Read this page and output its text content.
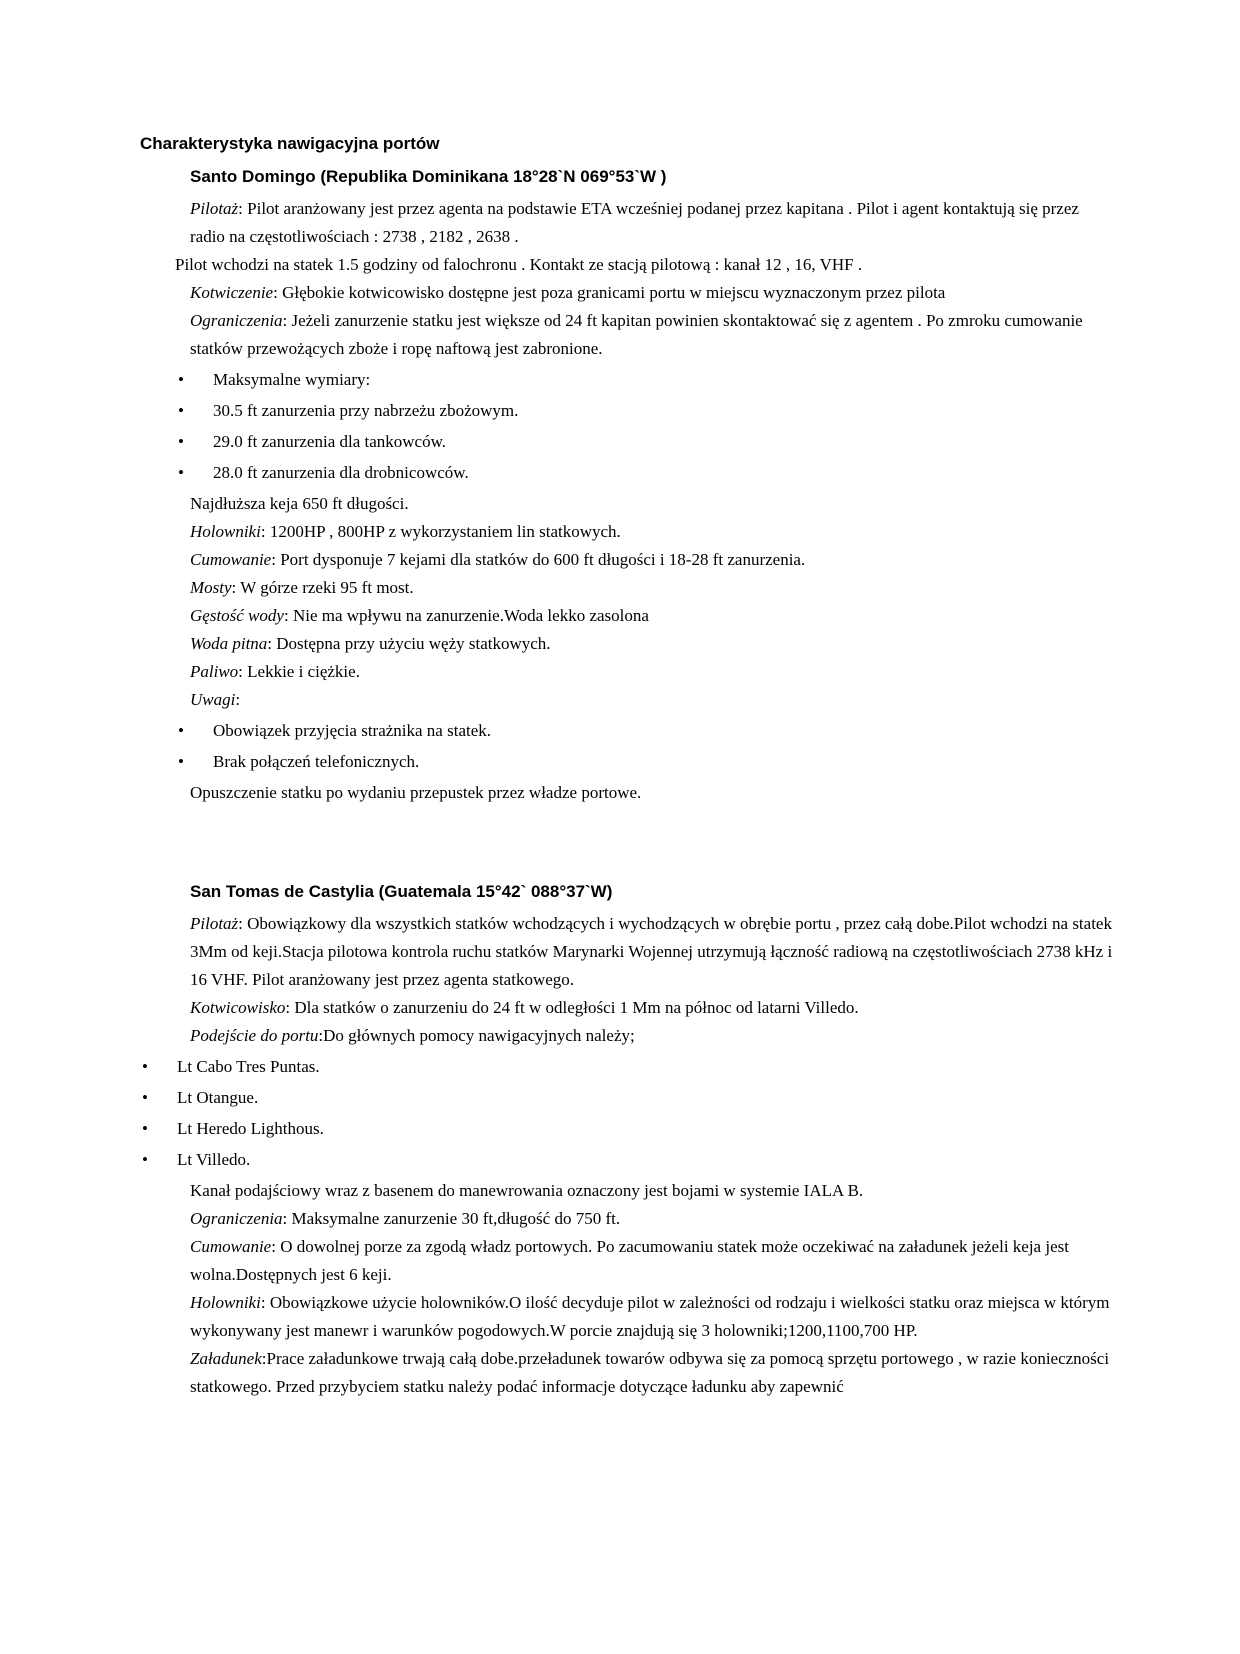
Charakterystyka nawigacyjna portów
Santo Domingo (Republika Dominikana 18°28`N 069°53`W )

Pilotaż: Pilot aranżowany jest przez agenta na podstawie ETA wcześniej podanej przez kapitana . Pilot i agent kontaktują się przez radio na częstotliwościach : 2738 , 2182 , 2638 .

Pilot wchodzi na statek 1.5 godziny od falochronu . Kontakt ze stacją pilotową : kanał 12 , 16, VHF .

Kotwiczenie: Głębokie kotwicowisko dostępne jest poza granicami portu w miejscu wyznaczonym przez pilota

Ograniczenia: Jeżeli zanurzenie statku jest większe od 24 ft kapitan powinien skontaktować się z agentem . Po zmroku cumowanie statków przewożących zboże i ropę naftową jest zabronione.

• Maksymalne wymiary:
• 30.5 ft zanurzenia przy nabrzeżu zbożowym.
• 29.0 ft zanurzenia dla tankowców.
• 28.0 ft zanurzenia dla drobnicowców.

Najdłuższa keja 650 ft długości.

Holowniki: 1200HP , 800HP z wykorzystaniem lin statkowych.

Cumowanie: Port dysponuje 7 kejami dla statków do 600 ft długości i 18-28 ft zanurzenia.

Mosty: W górze rzeki 95 ft most.

Gęstość wody: Nie ma wpływu na zanurzenie.Woda lekko zasolona

Woda pitna: Dostępna przy użyciu węży statkowych.

Paliwo: Lekkie i ciężkie.

Uwagi:

• Obowiązek przyjęcia strażnika na statek.
• Brak połączeń telefonicznych.

Opuszczenie statku po wydaniu przepustek przez władze portowe.

San Tomas de Castylia (Guatemala 15°42` 088°37`W)

Pilotaż: Obowiązkowy dla wszystkich statków wchodzących i wychodzących w obrębie portu , przez całą dobe.Pilot wchodzi na statek 3Mm od keji.Stacja pilotowa kontrola ruchu statków Marynarki Wojennej utrzymują łączność radiową na częstotliwościach 2738 kHz i 16 VHF. Pilot aranżowany jest przez agenta statkowego.

Kotwicowisko: Dla statków o zanurzeniu do 24 ft w odległości 1 Mm na północ od latarni Villedo.

Podejście do portu:Do głównych pomocy nawigacyjnych należy;

• Lt Cabo Tres Puntas.
• Lt Otangue.
• Lt Heredo Lighthous.
• Lt Villedo.

Kanał podajściowy wraz z basenem do manewrowania oznaczony jest bojami w systemie IALA B.

Ograniczenia: Maksymalne zanurzenie 30 ft,długość do 750 ft.

Cumowanie: O dowolnej porze za zgodą władz portowych. Po zacumowaniu statek może oczekiwać na załadunek jeżeli keja jest wolna.Dostępnych jest 6 keji.

Holowniki: Obowiązkowe użycie holowników.O ilość decyduje pilot w zależności od rodzaju i wielkości statku oraz miejsca w którym wykonywany jest manewr i warunków pogodowych.W porcie znajdują się 3 holowniki;1200,1100,700 HP.

Załadunek:Prace załadunkowe trwają całą dobe.przeładunek towarów odbywa się za pomocą sprzętu portowego , w razie konieczności statkowego. Przed przybyciem statku należy podać informacje dotyczące ładunku aby zapewnić
